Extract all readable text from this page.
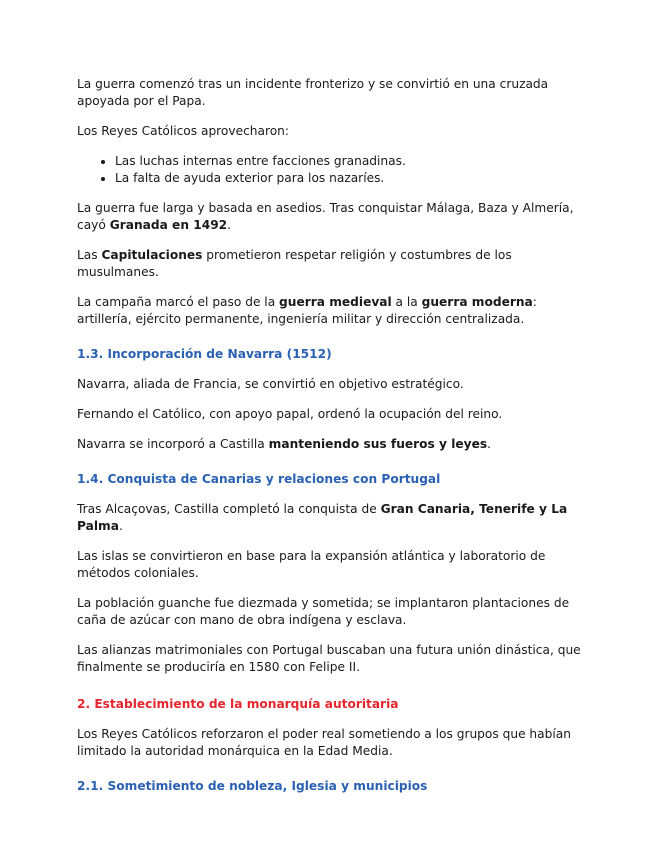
La guerra comenzó tras un incidente fronterizo y se convirtió en una cruzada apoyada por el Papa.

Los Reyes Católicos aprovecharon:

• Las luchas internas entre facciones granadinas.
• La falta de ayuda exterior para los nazaríes.

La guerra fue larga y basada en asedios. Tras conquistar Málaga, Baza y Almería, cayó Granada en 1492.

Las Capitulaciones prometieron respetar religión y costumbres de los musulmanes.

La campaña marcó el paso de la guerra medieval a la guerra moderna: artillería, ejército permanente, ingeniería militar y dirección centralizada.

1.3. Incorporación de Navarra (1512)

Navarra, aliada de Francia, se convirtió en objetivo estratégico.

Fernando el Católico, con apoyo papal, ordenó la ocupación del reino.

Navarra se incorporó a Castilla manteniendo sus fueros y leyes.

1.4. Conquista de Canarias y relaciones con Portugal

Tras Alcaçovas, Castilla completó la conquista de Gran Canaria, Tenerife y La Palma.

Las islas se convirtieron en base para la expansión atlántica y laboratorio de métodos coloniales.

La población guanche fue diezmada y sometida; se implantaron plantaciones de caña de azúcar con mano de obra indígena y esclava.

Las alianzas matrimoniales con Portugal buscaban una futura unión dinástica, que finalmente se produciría en 1580 con Felipe II.

2. Establecimiento de la monarquía autoritaria

Los Reyes Católicos reforzaron el poder real sometiendo a los grupos que habían limitado la autoridad monárquica en la Edad Media.

2.1. Sometimiento de nobleza, Iglesia y municipios
